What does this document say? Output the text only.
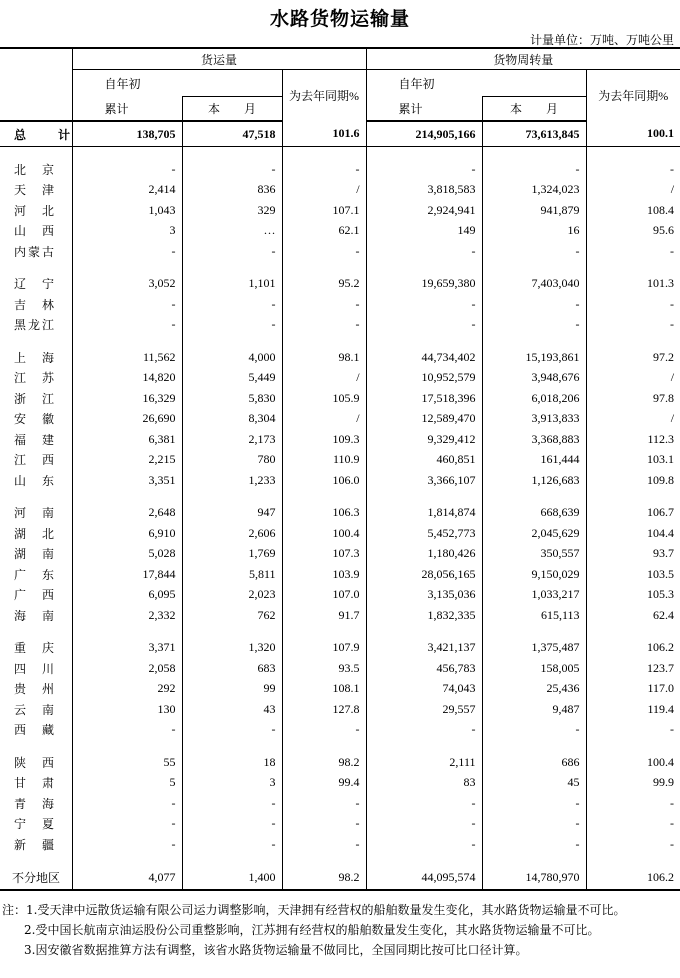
水路货物运输量
计量单位：万吨、万吨公里
	货运量			货物周转量		
	自年初		为去年同期%	自年初		为去年同期%
	累计	本　　月		累计	本　　月	
总　计	138,705	47,518	101.6	214,905,166	73,613,845	100.1

北　京	-	-	-	-	-	-
天　津	2,414	836	/	3,818,583	1,324,023	/
河　北	1,043	329	107.1	2,924,941	941,879	108.4
山　西	3	…	62.1	149	16	95.6
内蒙古	-	-	-	-	-	-

辽　宁	3,052	1,101	95.2	19,659,380	7,403,040	101.3
吉　林	-	-	-	-	-	-
黑龙江	-	-	-	-	-	-

上　海	11,562	4,000	98.1	44,734,402	15,193,861	97.2
江　苏	14,820	5,449	/	10,952,579	3,948,676	/
浙　江	16,329	5,830	105.9	17,518,396	6,018,206	97.8
安　徽	26,690	8,304	/	12,589,470	3,913,833	/
福　建	6,381	2,173	109.3	9,329,412	3,368,883	112.3
江　西	2,215	780	110.9	460,851	161,444	103.1
山　东	3,351	1,233	106.0	3,366,107	1,126,683	109.8

河　南	2,648	947	106.3	1,814,874	668,639	106.7
湖　北	6,910	2,606	100.4	5,452,773	2,045,629	104.4
湖　南	5,028	1,769	107.3	1,180,426	350,557	93.7
广　东	17,844	5,811	103.9	28,056,165	9,150,029	103.5
广　西	6,095	2,023	107.0	3,135,036	1,033,217	105.3
海　南	2,332	762	91.7	1,832,335	615,113	62.4

重　庆	3,371	1,320	107.9	3,421,137	1,375,487	106.2
四　川	2,058	683	93.5	456,783	158,005	123.7
贵　州	292	99	108.1	74,043	25,436	117.0
云　南	130	43	127.8	29,557	9,487	119.4
西　藏	-	-	-	-	-	-

陕　西	55	18	98.2	2,111	686	100.4
甘　肃	5	3	99.4	83	45	99.9
青　海	-	-	-	-	-	-
宁　夏	-	-	-	-	-	-
新　疆	-	-	-	-	-	-

不分地区	4,077	1,400	98.2	44,095,574	14,780,970	106.2
注：1.受天津中远散货运输有限公司运力调整影响，天津拥有经营权的船舶数量发生变化，其水路货物运输量不可比。
2.受中国长航南京油运股份公司重整影响，江苏拥有经营权的船舶数量发生变化，其水路货物运输量不可比。
3.因安徽省数据推算方法有调整，该省水路货物运输量不做同比，全国同期比按可比口径计算。
